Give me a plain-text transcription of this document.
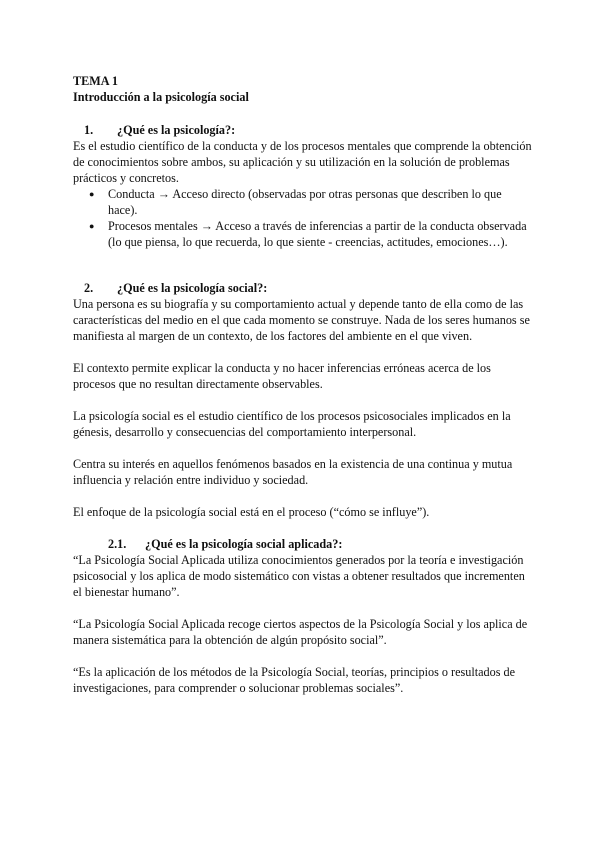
TEMA 1

Introducción a la psicología social

1. ¿Qué es la psicología?:

Es el estudio científico de la conducta y de los procesos mentales que comprende la obtención de conocimientos sobre ambos, su aplicación y su utilización en la solución de problemas prácticos y concretos.

● Conducta → Acceso directo (observadas por otras personas que describen lo que hace).
● Procesos mentales → Acceso a través de inferencias a partir de la conducta observada (lo que piensa, lo que recuerda, lo que siente - creencias, actitudes, emociones…).
2. ¿Qué es la psicología social?:

Una persona es su biografía y su comportamiento actual y depende tanto de ella como de las características del medio en el que cada momento se construye. Nada de los seres humanos se manifiesta al margen de un contexto, de los factores del ambiente en el que viven.

El contexto permite explicar la conducta y no hacer inferencias erróneas acerca de los procesos que no resultan directamente observables.

La psicología social es el estudio científico de los procesos psicosociales implicados en la génesis, desarrollo y consecuencias del comportamiento interpersonal.

Centra su interés en aquellos fenómenos basados en la existencia de una continua y mutua influencia y relación entre individuo y sociedad.

El enfoque de la psicología social está en el proceso (“cómo se influye”).

2.1. ¿Qué es la psicología social aplicada?:

“La Psicología Social Aplicada utiliza conocimientos generados por la teoría e investigación psicosocial y los aplica de modo sistemático con vistas a obtener resultados que incrementen el bienestar humano”.

“La Psicología Social Aplicada recoge ciertos aspectos de la Psicología Social y los aplica de manera sistemática para la obtención de algún propósito social”.

“Es la aplicación de los métodos de la Psicología Social, teorías, principios o resultados de investigaciones, para comprender o solucionar problemas sociales”.
